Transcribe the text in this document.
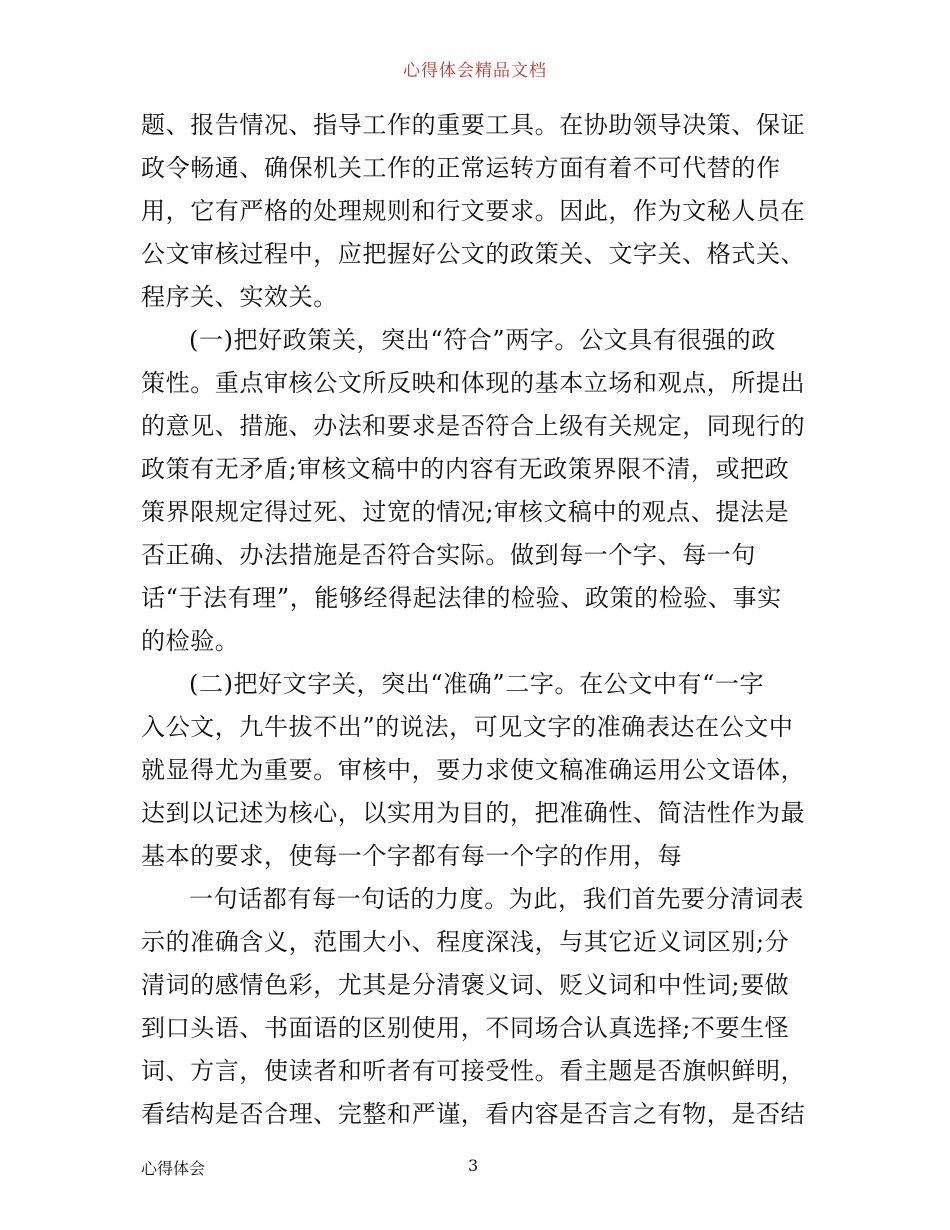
心得体会精品文档
题、报告情况、指导工作的重要工具。在协助领导决策、保证
政令畅通、确保机关工作的正常运转方面有着不可代替的作
用，它有严格的处理规则和行文要求。因此，作为文秘人员在
公文审核过程中，应把握好公文的政策关、文字关、格式关、
程序关、实效关。
(一)把好政策关，突出“符合”两字。公文具有很强的政
策性。重点审核公文所反映和体现的基本立场和观点，所提出
的意见、措施、办法和要求是否符合上级有关规定，同现行的
政策有无矛盾;审核文稿中的内容有无政策界限不清，或把政
策界限规定得过死、过宽的情况;审核文稿中的观点、提法是
否正确、办法措施是否符合实际。做到每一个字、每一句
话“于法有理”，能够经得起法律的检验、政策的检验、事实
的检验。
(二)把好文字关，突出“准确”二字。在公文中有“一字
入公文，九牛拔不出”的说法，可见文字的准确表达在公文中
就显得尤为重要。审核中，要力求使文稿准确运用公文语体，
达到以记述为核心，以实用为目的，把准确性、简洁性作为最
基本的要求，使每一个字都有每一个字的作用，每
一句话都有每一句话的力度。为此，我们首先要分清词表
示的准确含义，范围大小、程度深浅，与其它近义词区别;分
清词的感情色彩，尤其是分清褒义词、贬义词和中性词;要做
到口头语、书面语的区别使用，不同场合认真选择;不要生怪
词、方言，使读者和听者有可接受性。看主题是否旗帜鲜明，
看结构是否合理、完整和严谨，看内容是否言之有物，是否结
心得体会	3
